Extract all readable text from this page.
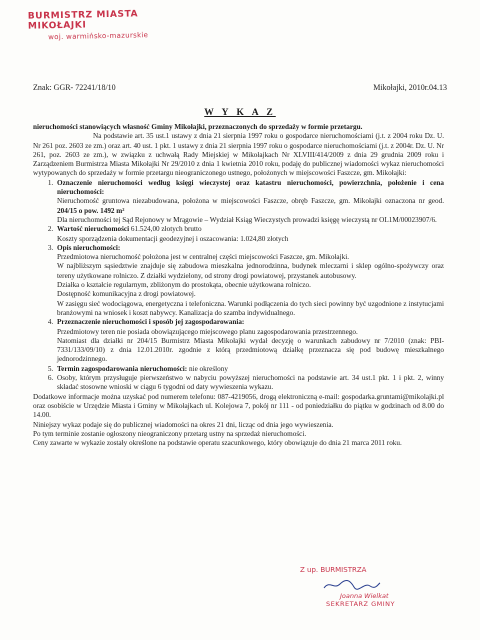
BURMISTRZ MIASTA MIKOŁAJKI
woj. warmińsko-mazurskie
Znak: GGR- 72241/18/10	Mikołajki, 2010r.04.13
W Y K A Z

nieruchomości stanowiących własność Gminy Mikołajki, przeznaczonych do sprzedaży w formie przetargu.

Na podstawie art. 35 ust.1 ustawy z dnia 21 sierpnia 1997 roku o gospodarce nieruchomościami (j.t. z 2004 roku Dz. U. Nr 261 poz. 2603 ze zm.) oraz art. 40 ust. 1 pkt. 1 ustawy z dnia 21 sierpnia 1997 roku o gospodarce nieruchomościami (j.t. z 2004r. Dz. U. Nr 261, poz. 2603 ze zm.), w związku z uchwałą Rady Miejskiej w Mikołajkach Nr XLVIII/414/2009 z dnia 29 grudnia 2009 roku i Zarządzeniem Burmistrza Miasta Mikołajki Nr 29/2010 z dnia 1 kwietnia 2010 roku, podaję do publicznej wiadomości wykaz nieruchomości wytypowanych do sprzedaży w formie przetargu nieograniczonego ustnego, położonych w miejscowości Faszcze, gm. Mikołajki:

1. Oznaczenie nieruchomości według księgi wieczystej oraz katastru nieruchomości, powierzchnia, położenie i cena nieruchomości:

Nieruchomość gruntowa niezabudowana, położona w miejscowości Faszcze, obręb Faszcze, gm. Mikołajki oznaczona nr geod. 204/15 o pow. 1492 m²

Dla nieruchomości tej Sąd Rejonowy w Mrągowie – Wydział Ksiąg Wieczystych prowadzi księgę wieczystą nr OL1M/00023907/6.

2. Wartość nieruchomości 61.524,00 złotych brutto

Koszty sporządzenia dokumentacji geodezyjnej i oszacowania: 1.024,80 złotych

3. Opis nieruchomości:

Przedmiotowa nieruchomość położona jest w centralnej części miejscowości Faszcze, gm. Mikołajki.

W najbliższym sąsiedztwie znajduje się zabudowa mieszkalna jednorodzinna, budynek mleczarni i sklep ogólno-spożywczy oraz tereny użytkowane rolniczo. Z działki wydzielony, od strony drogi powiatowej, przystanek autobusowy.

Działka o kształcie regularnym, zbliżonym do prostokąta, obecnie użytkowana rolniczo.

Dostępność komunikacyjna z drogi powiatowej.

W zasięgu sieć wodociągowa, energetyczna i telefoniczna. Warunki podłączenia do tych sieci powinny być uzgodnione z instytucjami branżowymi na wniosek i koszt nabywcy. Kanalizacja do szamba indywidualnego.

4. Przeznaczenie nieruchomości i sposób jej zagospodarowania:

Przedmiotowy teren nie posiada obowiązującego miejscowego planu zagospodarowania przestrzennego.

Natomiast dla działki nr 204/15 Burmistrz Miasta Mikołajki wydał decyzję o warunkach zabudowy nr 7/2010 (znak: PBI-7331/133/09/10) z dnia 12.01.2010r. zgodnie z którą przedmiotową działkę przeznacza się pod budowę mieszkalnego jednorodzinnego.

5. Termin zagospodarowania nieruchomości: nie określony

6. Osoby, którym przysługuje pierwszeństwo w nabyciu powyższej nieruchomości na podstawie art. 34 ust.1 pkt. 1 i pkt. 2, winny składać stosowne wnioski w ciągu 6 tygodni od daty wywieszenia wykazu.

Dodatkowe informacje można uzyskać pod numerem telefonu: 087-4219056, drogą elektroniczną e-mail: gospodarka.gruntami@mikolajki.pl oraz osobiście w Urzędzie Miasta i Gminy w Mikołajkach ul. Kolejowa 7, pokój nr 111 - od poniedziałku do piątku w godzinach od 8.00 do 14.00.

Niniejszy wykaz podaje się do publicznej wiadomości na okres 21 dni, licząc od dnia jego wywieszenia.

Po tym terminie zostanie ogłoszony nieograniczony przetarg ustny na sprzedaż nieruchomości.

Ceny zawarte w wykazie zostały określone na podstawie operatu szacunkowego, który obowiązuje do dnia 21 marca 2011 roku.

Z up. BURMISTRZA
Joanna Wielkat
SEKRETARZ GMINY
